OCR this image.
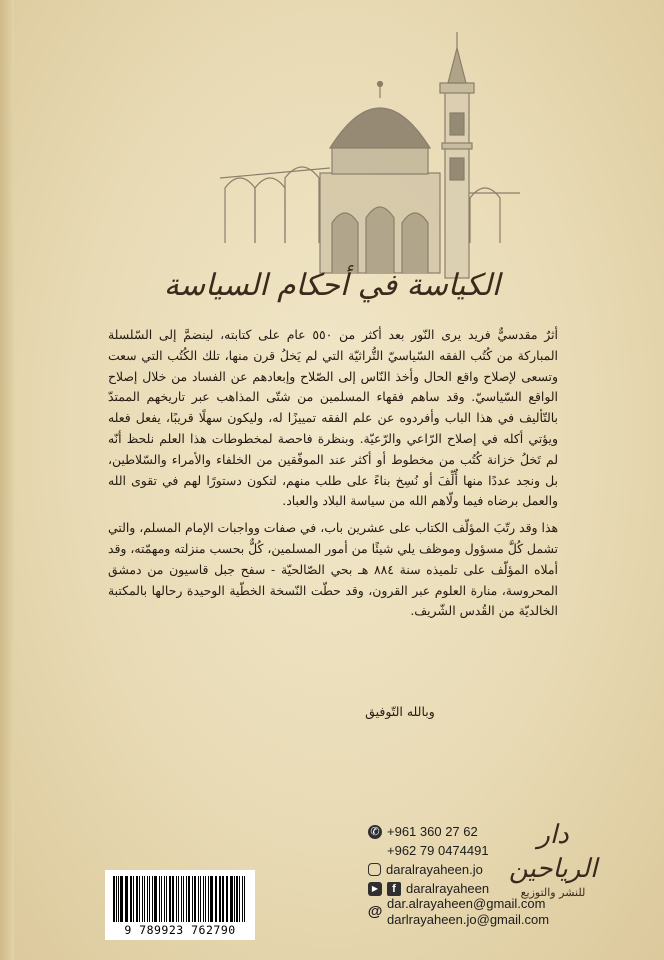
الكياسة في أحكام السياسة

أثرٌ مقدسيٌّ فريد يرى النّور بعد أكثر من ٥٥٠ عام على كتابته، لينضمَّ إلى السّلسلة المباركة من كُتُب الفقه السّياسيّ التُّراثيّة التي لم يَخلُ قرن منها، تلك الكُتُب التي سعت وتسعى لإصلاح واقع الحال وأخذ النّاس إلى الصّلاح وإبعادهم عن الفساد من خلال إصلاح الواقع السّياسيّ. وقد ساهم فقهاء المسلمين من شتّى المذاهب عبر تاريخهم الممتدّ بالتّأليف في هذا الباب وأفردوه عن علم الفقه تمييزًا له، وليكون سهلًا قريبًا، يفعل فعله ويؤتي أكله في إصلاح الرّاعي والرّعيّة. وبنظرة فاحصة لمخطوطات هذا العلم نلحظ أنّه لم تَخلُ خزانة كُتُب من مخطوط أو أكثر عند الموفّقين من الخلفاء والأمراء والسّلاطين، بل ونجد عددًا منها أُلِّفَ أو نُسِخ بناءً على طلب منهم، لتكون دستورًا لهم في تقوى الله والعمل برضاه فيما ولّاهم الله من سياسة البلاد والعباد.

هذا وقد رتّبَ المؤلّف الكتاب على عشرين باب، في صفات وواجبات الإمام المسلم، والتي تشمل كُلَّ مسؤول وموظف يلي شيئًا من أمور المسلمين، كُلٌّ بحسب منزلته ومهمّته، وقد أملاه المؤلّف على تلميذه سنة ٨٨٤ هـ بحي الصّالحيّة - سفح جبل قاسيون من دمشق المحروسة، منارة العلوم عبر القرون، وقد حطّت النّسخة الخطّية الوحيدة رحالها بالمكتبة الخالديّة من القُدس الشّريف.

وبالله التّوفيق
دار الرياحين
للنشر والتوزيع
✆ +961 360 27 62
+962 79 0474491
daralrayaheen.jo
▶	f daralrayaheen
@ dar.alrayaheen@gmail.com
darlrayaheen.jo@gmail.com
9 789923 762790
